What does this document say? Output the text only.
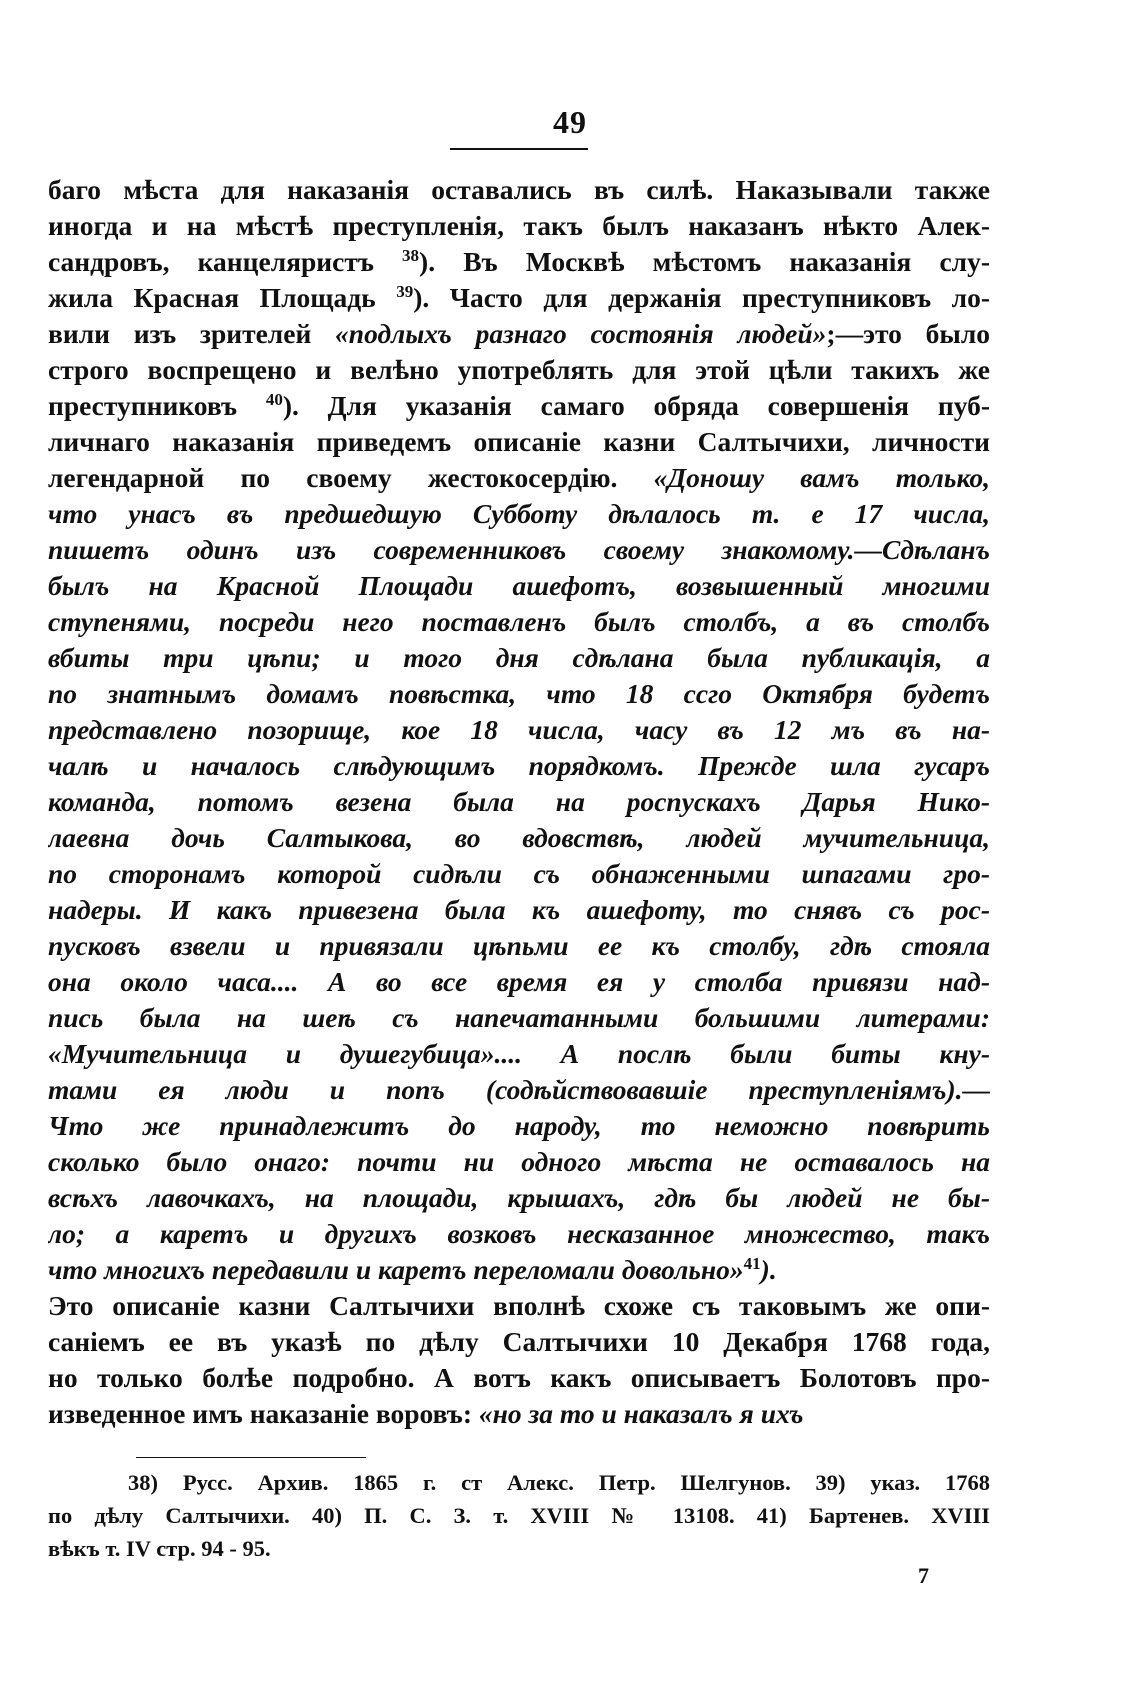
49
баго мѣста для наказанія оставались въ силѣ. Наказывали также
иногда и на мѣстѣ преступленія, такъ былъ наказанъ нѣкто Алек-
сандровъ, канцеляристъ $^{38}$). Въ Москвѣ мѣстомъ наказанія слу-
жила Красная Площадь $^{39}$). Часто для держанія преступниковъ ло-
вили изъ зрителей «подлыхъ разнаго состоянія людей»;—это было
строго воспрещено и велѣно употреблять для этой цѣли такихъ же
преступниковъ $^{40}$). Для указанія самаго обряда совершенія пуб-
личнаго наказанія приведемъ описаніе казни Салтычихи, личности
легендарной по своему жестокосердію. «Доношу вамъ только,
что унасъ въ предшедшую Субботу дѣлалось т. е 17 числа,
пишетъ одинъ изъ современниковъ своему знакомому.—Сдѣланъ
былъ на Красной Площади ашефотъ, возвышенный многими
ступенями, посреди него поставленъ былъ столбъ, а въ столбъ
вбиты три цѣпи; и того дня сдѣлана была публикація, а
по знатнымъ домамъ повѣстка, что 18 ссго Октября будетъ
представлено позорище, кое 18 числа, часу въ 12 мъ въ на-
чалѣ и началось слѣдующимъ порядкомъ. Прежде шла гусаръ
команда, потомъ везена была на роспускахъ Дарья Нико-
лаевна дочь Салтыкова, во вдовствѣ, людей мучительница,
по сторонамъ которой сидѣли съ обнаженными шпагами гро-
надеры. И какъ привезена была къ ашефоту, то снявъ съ рос-
пусковъ взвели и привязали цѣпьми ее къ столбу, гдѣ стояла
она около часа.... А во все время ея у столба привязи над-
пись была на шеѣ съ напечатанными большими литерами:
«Мучительница и душегубица».... А послѣ были биты кну-
тами ея люди и попъ (содѣйствовавшіе преступленіямъ).—
Что же принадлежитъ до народу, то неможно повѣрить
сколько было онаго: почти ни одного мѣста не оставалось на
всѣхъ лавочкахъ, на площади, крышахъ, гдѣ бы людей не бы-
ло; а каретъ и другихъ возковъ несказанное множество, такъ
что многихъ передавили и каретъ переломали довольно»$^{41}$).
Это описаніе казни Салтычихи вполнѣ схоже съ таковымъ же опи-
саніемъ ее въ указѣ по дѣлу Салтычихи 10 Декабря 1768 года,
но только болѣе подробно. А вотъ какъ описываетъ Болотовъ про-
изведенное имъ наказаніе воровъ: «но за то и наказалъ я ихъ
38) Русс. Архив. 1865 г. ст Алекс. Петр. Шелгунов. 39) указ. 1768
по дѣлу Салтычихи. 40) П. С. З. т. XVIII № 13108. 41) Бартенев. XVIII
вѣкъ т. IV стр. 94 - 95.
7
